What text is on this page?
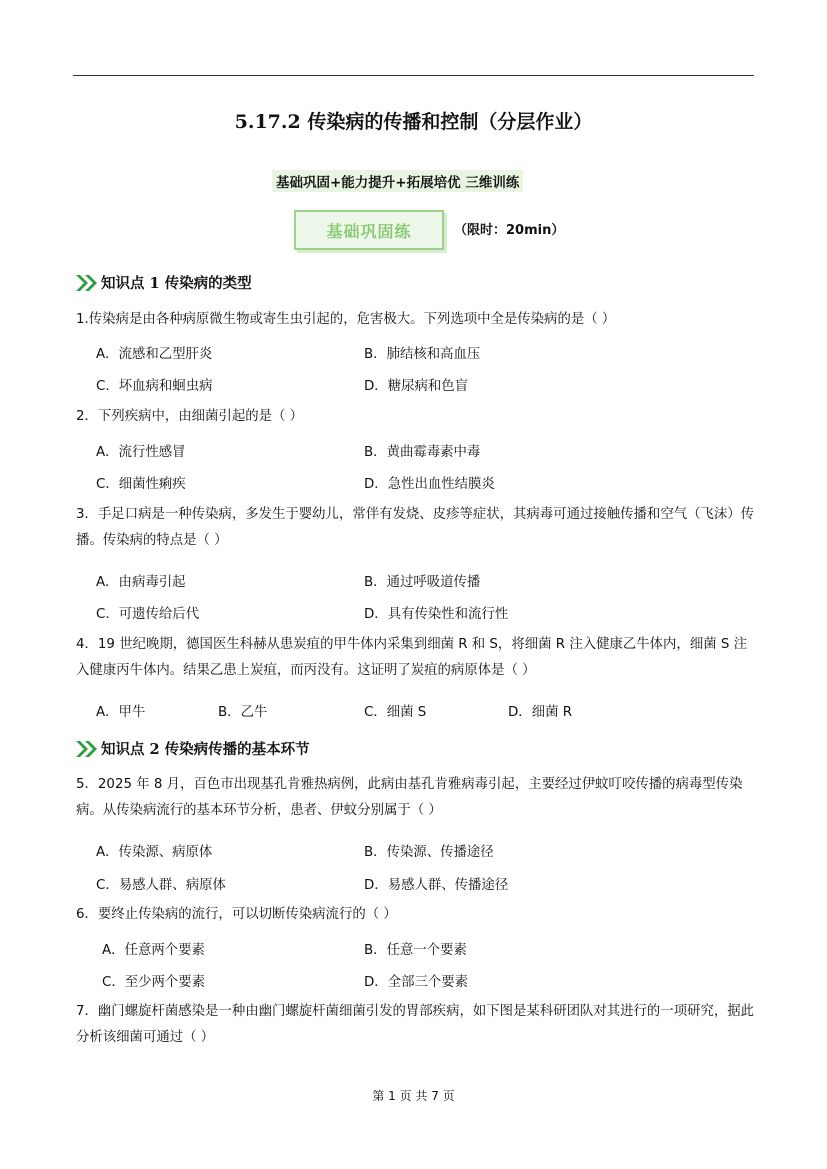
5.17.2 传染病的传播和控制（分层作业）
基础巩固+能力提升+拓展培优 三维训练
基础巩固练	（限时：20min）
知识点 1 传染病的类型
1.传染病是由各种病原微生物或寄生虫引起的，危害极大。下列选项中全是传染病的是（ ）
A．流感和乙型肝炎	B．肺结核和高血压
C．坏血病和蛔虫病	D．糖尿病和色盲
2．下列疾病中，由细菌引起的是（ ）
A．流行性感冒	B．黄曲霉毒素中毒
C．细菌性痢疾	D．急性出血性结膜炎
3．手足口病是一种传染病，多发生于婴幼儿，常伴有发烧、皮疹等症状，其病毒可通过接触传播和空气（飞沫）传播。传染病的特点是（ ）
A．由病毒引起	B．通过呼吸道传播
C．可遗传给后代	D．具有传染性和流行性
4．19 世纪晚期，德国医生科赫从患炭疽的甲牛体内采集到细菌 R 和 S，将细菌 R 注入健康乙牛体内，细菌 S 注入健康丙牛体内。结果乙患上炭疽，而丙没有。这证明了炭疽的病原体是（ ）
A．甲牛	B．乙牛	C．细菌 S	D．细菌 R
知识点 2 传染病传播的基本环节
5．2025 年 8 月，百色市出现基孔肯雅热病例，此病由基孔肯雅病毒引起，主要经过伊蚊叮咬传播的病毒型传染病。从传染病流行的基本环节分析，患者、伊蚊分别属于（ ）
A．传染源、病原体	B．传染源、传播途径
C．易感人群、病原体	D．易感人群、传播途径
6．要终止传染病的流行，可以切断传染病流行的（ ）
A．任意两个要素	B．任意一个要素
C．至少两个要素	D．全部三个要素
7．幽门螺旋杆菌感染是一种由幽门螺旋杆菌细菌引发的胃部疾病，如下图是某科研团队对其进行的一项研究，据此分析该细菌可通过（ ）
第 1 页 共 7 页
